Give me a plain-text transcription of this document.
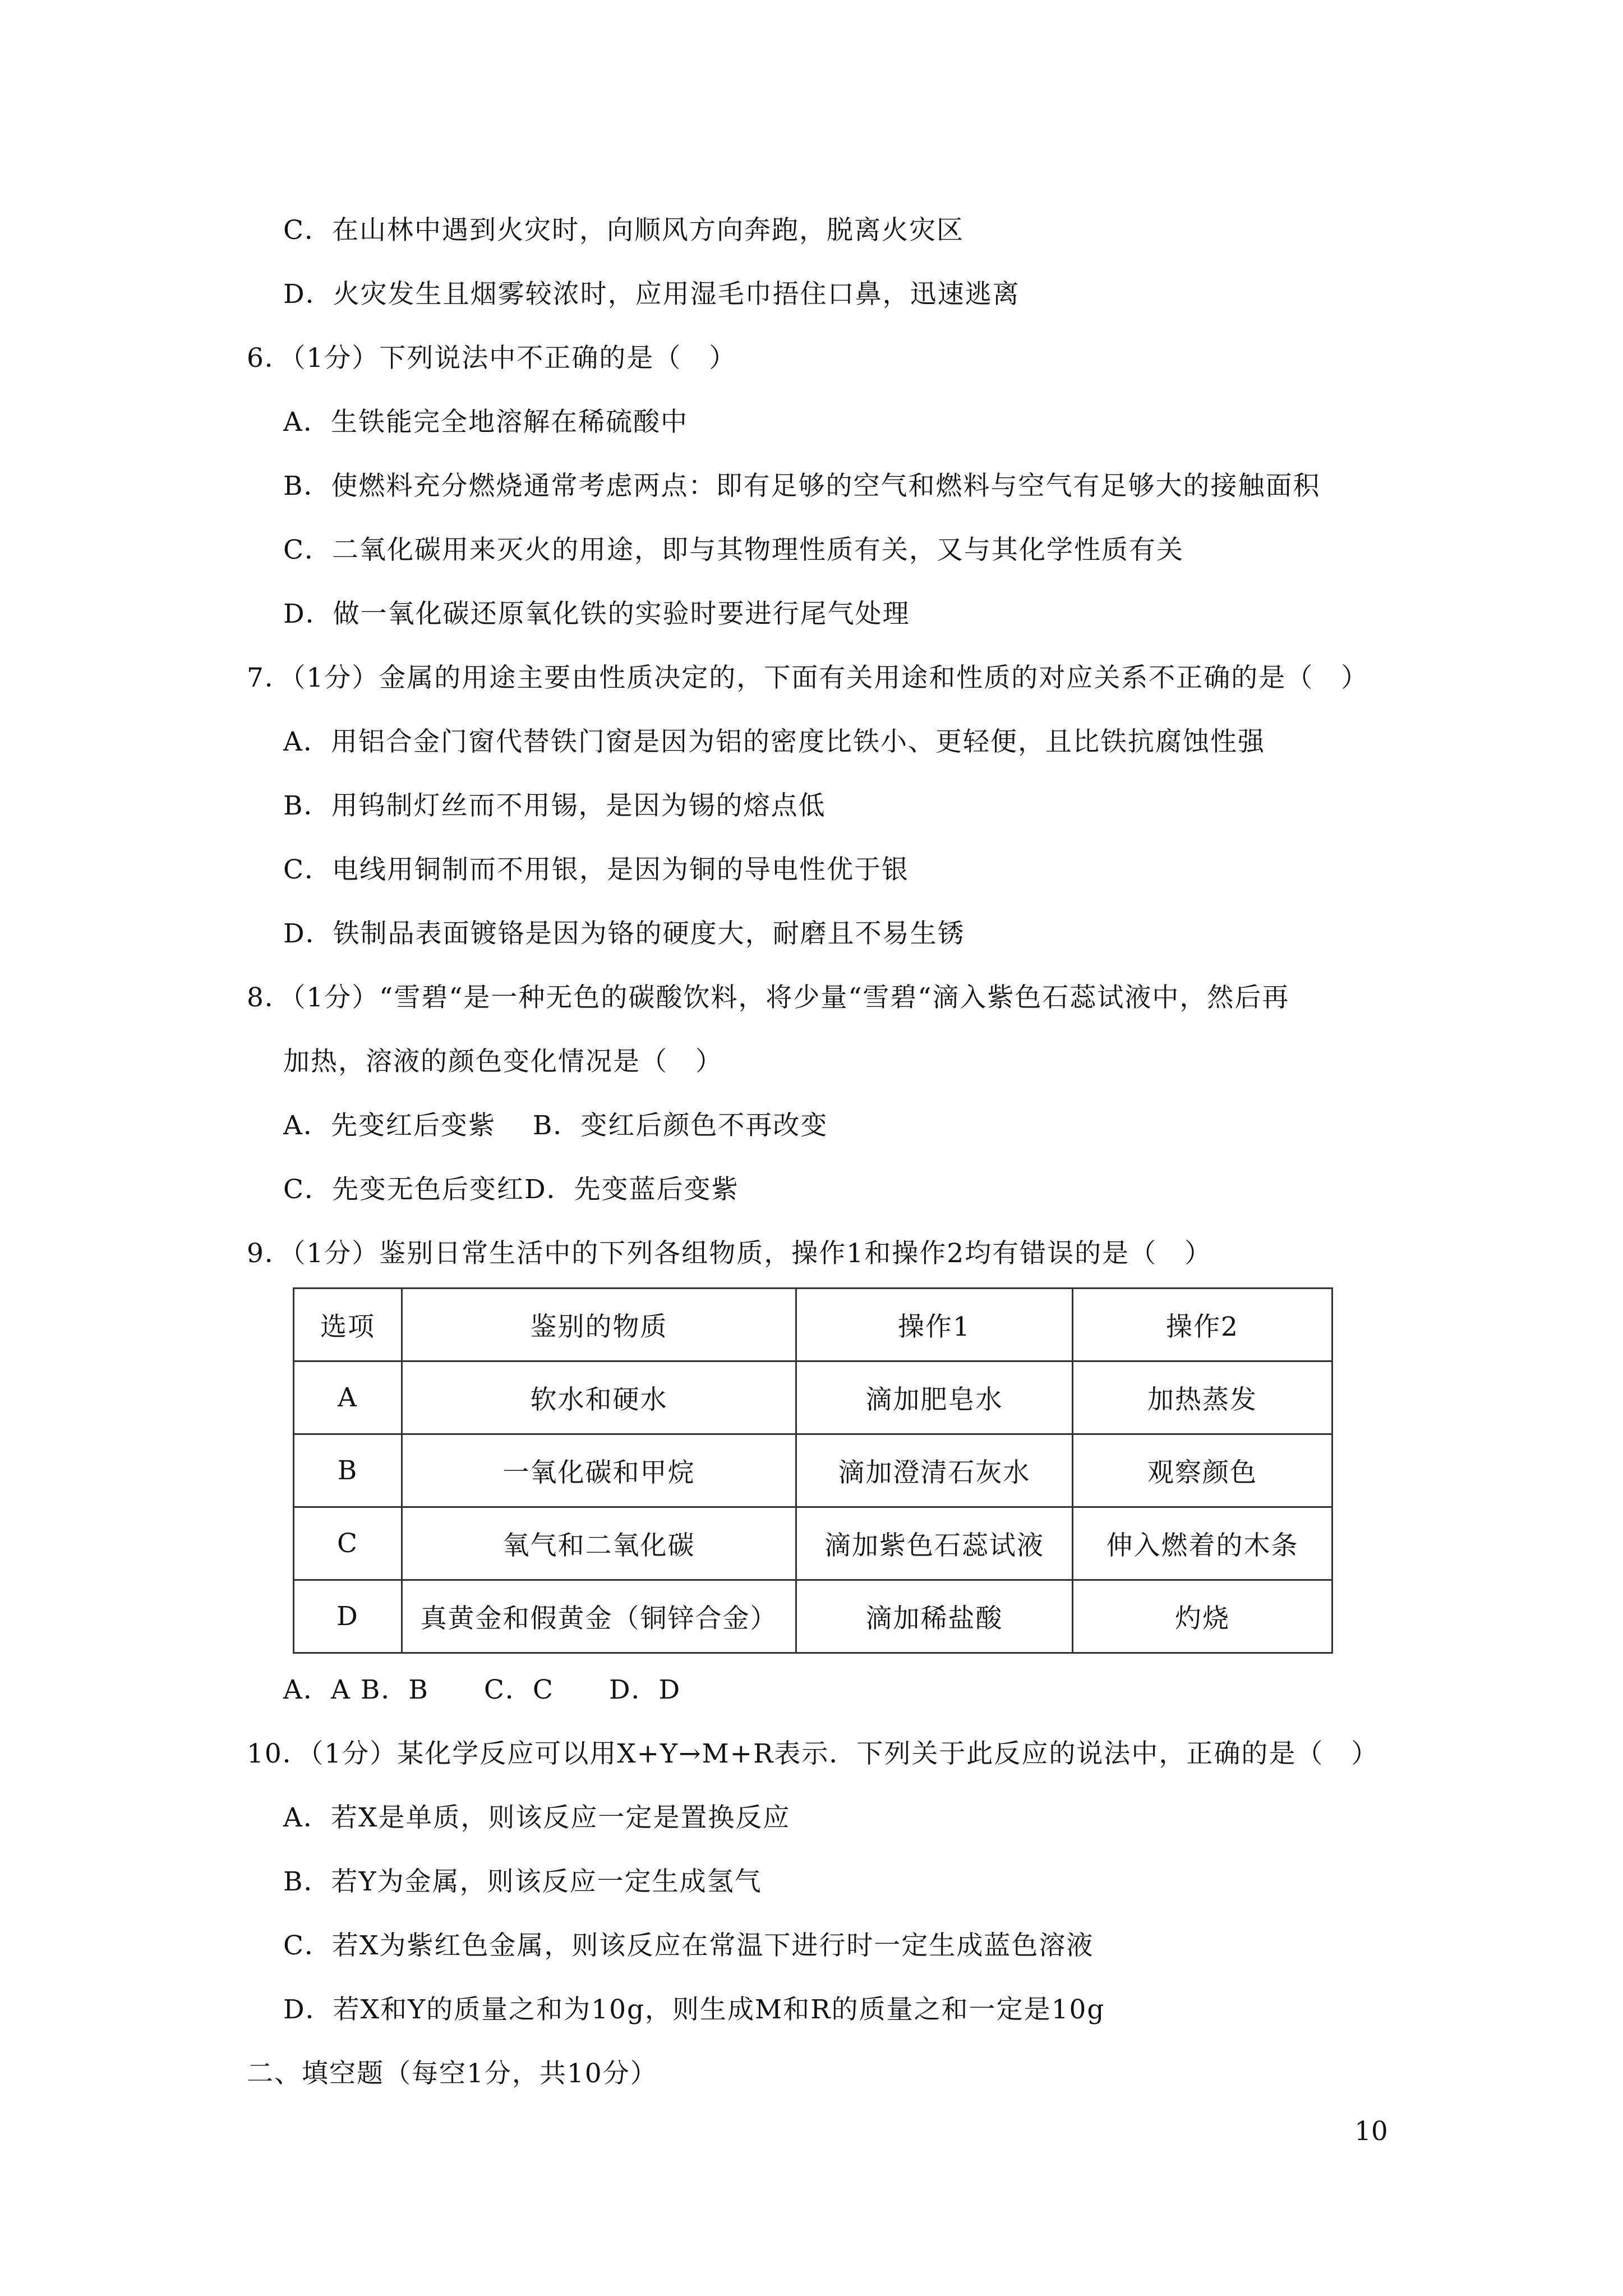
C．在山林中遇到火灾时，向顺风方向奔跑，脱离火灾区
D．火灾发生且烟雾较浓时，应用湿毛巾捂住口鼻，迅速逃离
6．（1分）下列说法中不正确的是（　）
A．生铁能完全地溶解在稀硫酸中
B．使燃料充分燃烧通常考虑两点：即有足够的空气和燃料与空气有足够大的接触面积
C．二氧化碳用来灭火的用途，即与其物理性质有关，又与其化学性质有关
D．做一氧化碳还原氧化铁的实验时要进行尾气处理
7．（1分）金属的用途主要由性质决定的，下面有关用途和性质的对应关系不正确的是（　）
A．用铝合金门窗代替铁门窗是因为铝的密度比铁小、更轻便，且比铁抗腐蚀性强
B．用钨制灯丝而不用锡，是因为锡的熔点低
C．电线用铜制而不用银，是因为铜的导电性优于银
D．铁制品表面镀铬是因为铬的硬度大，耐磨且不易生锈
8．（1分）“雪碧“是一种无色的碳酸饮料，将少量“雪碧“滴入紫色石蕊试液中，然后再
加热，溶液的颜色变化情况是（　）
A．先变红后变紫　 B．变红后颜色不再改变
C．先变无色后变红D．先变蓝后变紫
9．（1分）鉴别日常生活中的下列各组物质，操作1和操作2均有错误的是（　）
选项	鉴别的物质	操作1	操作2
A	软水和硬水	滴加肥皂水	加热蒸发
B	一氧化碳和甲烷	滴加澄清石灰水	观察颜色
C	氧气和二氧化碳	滴加紫色石蕊试液	伸入燃着的木条
D	真黄金和假黄金（铜锌合金）	滴加稀盐酸	灼烧
A．A B．B　　C．C　　D．D
10．（1分）某化学反应可以用X+Y→M+R表示．下列关于此反应的说法中，正确的是（　）
A．若X是单质，则该反应一定是置换反应
B．若Y为金属，则该反应一定生成氢气
C．若X为紫红色金属，则该反应在常温下进行时一定生成蓝色溶液
D．若X和Y的质量之和为10g，则生成M和R的质量之和一定是10g
二、填空题（每空1分，共10分）
10
